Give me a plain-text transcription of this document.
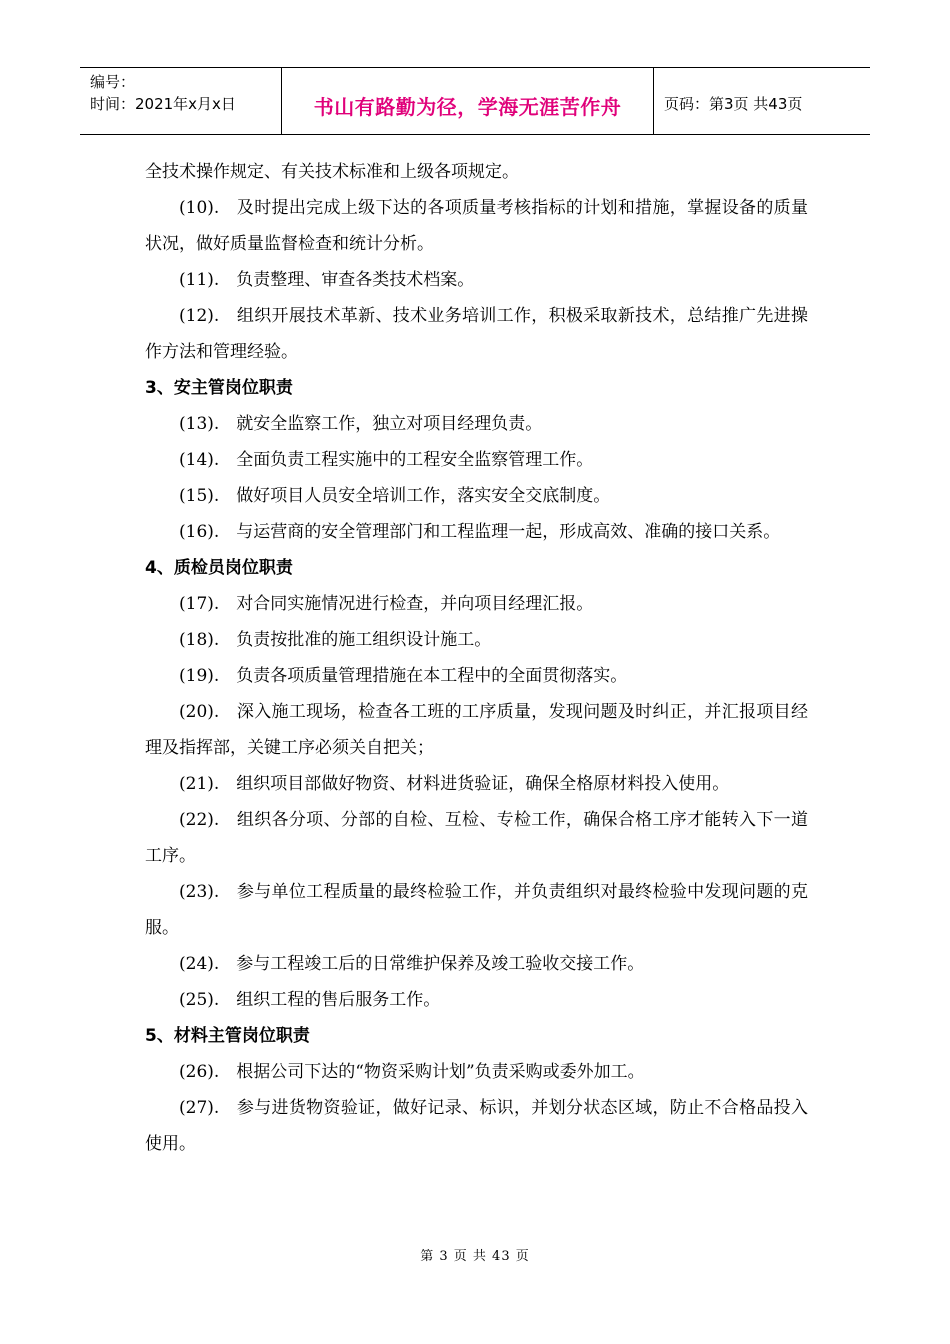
编号：
时间：2021年x月x日	书山有路勤为径，学海无涯苦作舟	页码：第3页 共43页

全技术操作规定、有关技术标准和上级各项规定。

(10).　及时提出完成上级下达的各项质量考核指标的计划和措施，掌握设备的质量状况，做好质量监督检查和统计分析。

(11).　负责整理、审查各类技术档案。

(12).　组织开展技术革新、技术业务培训工作，积极采取新技术，总结推广先进操作方法和管理经验。

3、安主管岗位职责

(13).　就安全监察工作，独立对项目经理负责。

(14).　全面负责工程实施中的工程安全监察管理工作。

(15).　做好项目人员安全培训工作，落实安全交底制度。

(16).　与运营商的安全管理部门和工程监理一起，形成高效、准确的接口关系。

4、质检员岗位职责

(17).　对合同实施情况进行检查，并向项目经理汇报。

(18).　负责按批准的施工组织设计施工。

(19).　负责各项质量管理措施在本工程中的全面贯彻落实。

(20).　深入施工现场，检查各工班的工序质量，发现问题及时纠正，并汇报项目经理及指挥部，关键工序必须关自把关；

(21).　组织项目部做好物资、材料进货验证，确保全格原材料投入使用。

(22).　组织各分项、分部的自检、互检、专检工作，确保合格工序才能转入下一道工序。

(23).　参与单位工程质量的最终检验工作，并负责组织对最终检验中发现问题的克服。

(24).　参与工程竣工后的日常维护保养及竣工验收交接工作。

(25).　组织工程的售后服务工作。

5、材料主管岗位职责

(26).　根据公司下达的“物资采购计划”负责采购或委外加工。

(27).　参与进货物资验证，做好记录、标识，并划分状态区域，防止不合格品投入使用。

第 3 页 共 43 页
